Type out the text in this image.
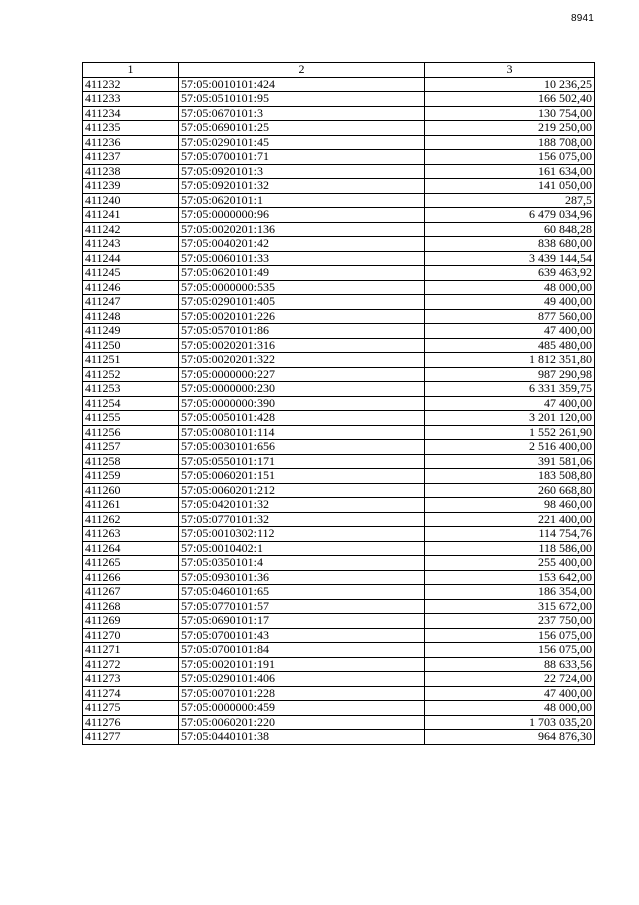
8941
1	2	3
411232	57:05:0010101:424	10 236,25
411233	57:05:0510101:95	166 502,40
411234	57:05:0670101:3	130 754,00
411235	57:05:0690101:25	219 250,00
411236	57:05:0290101:45	188 708,00
411237	57:05:0700101:71	156 075,00
411238	57:05:0920101:3	161 634,00
411239	57:05:0920101:32	141 050,00
411240	57:05:0620101:1	287,5
411241	57:05:0000000:96	6 479 034,96
411242	57:05:0020201:136	60 848,28
411243	57:05:0040201:42	838 680,00
411244	57:05:0060101:33	3 439 144,54
411245	57:05:0620101:49	639 463,92
411246	57:05:0000000:535	48 000,00
411247	57:05:0290101:405	49 400,00
411248	57:05:0020101:226	877 560,00
411249	57:05:0570101:86	47 400,00
411250	57:05:0020201:316	485 480,00
411251	57:05:0020201:322	1 812 351,80
411252	57:05:0000000:227	987 290,98
411253	57:05:0000000:230	6 331 359,75
411254	57:05:0000000:390	47 400,00
411255	57:05:0050101:428	3 201 120,00
411256	57:05:0080101:114	1 552 261,90
411257	57:05:0030101:656	2 516 400,00
411258	57:05:0550101:171	391 581,06
411259	57:05:0060201:151	183 508,80
411260	57:05:0060201:212	260 668,80
411261	57:05:0420101:32	98 460,00
411262	57:05:0770101:32	221 400,00
411263	57:05:0010302:112	114 754,76
411264	57:05:0010402:1	118 586,00
411265	57:05:0350101:4	255 400,00
411266	57:05:0930101:36	153 642,00
411267	57:05:0460101:65	186 354,00
411268	57:05:0770101:57	315 672,00
411269	57:05:0690101:17	237 750,00
411270	57:05:0700101:43	156 075,00
411271	57:05:0700101:84	156 075,00
411272	57:05:0020101:191	88 633,56
411273	57:05:0290101:406	22 724,00
411274	57:05:0070101:228	47 400,00
411275	57:05:0000000:459	48 000,00
411276	57:05:0060201:220	1 703 035,20
411277	57:05:0440101:38	964 876,30
